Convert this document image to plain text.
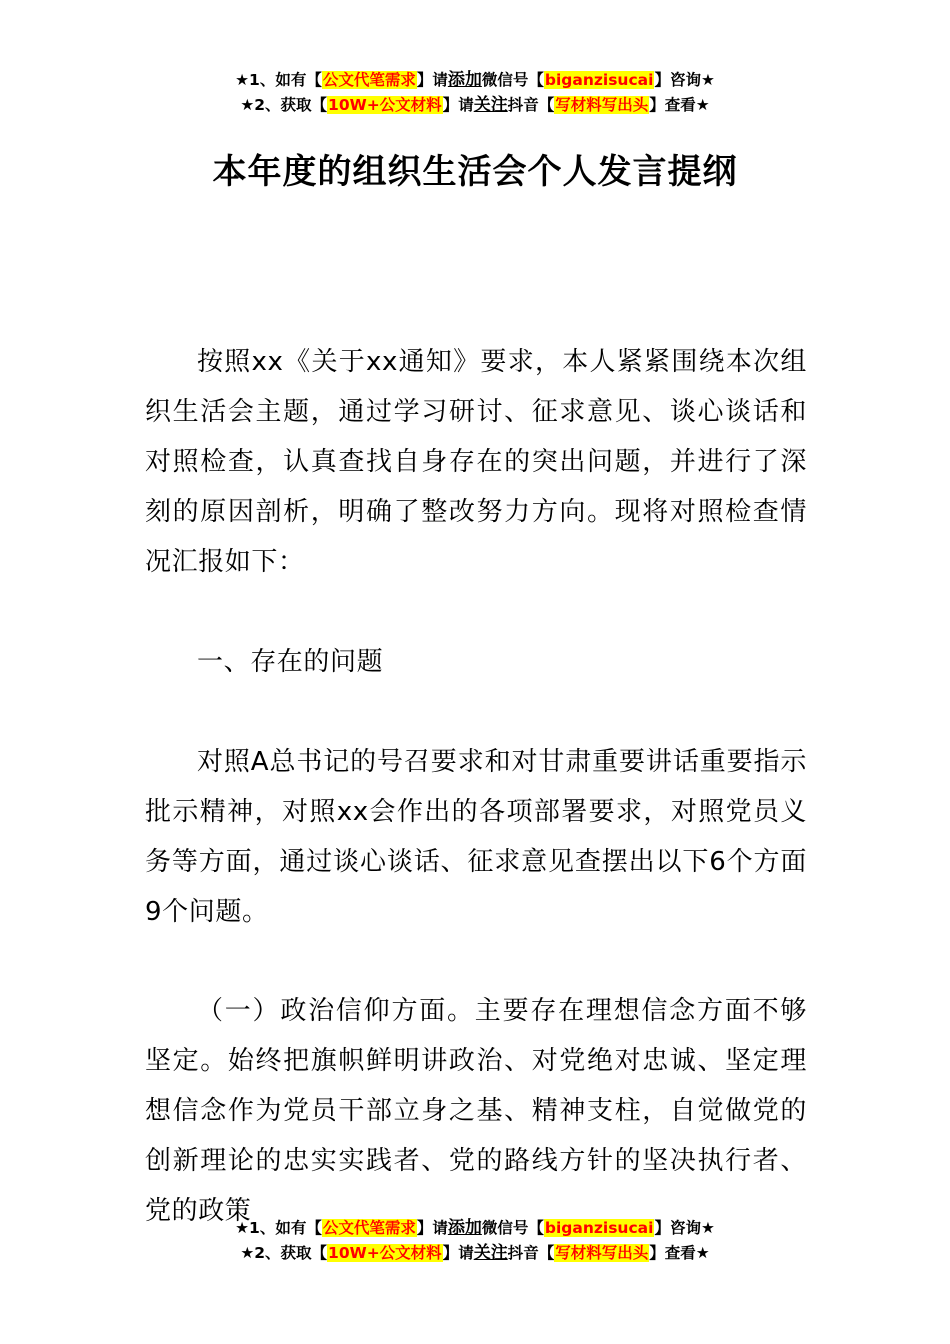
★1、如有【公文代笔需求】请添加微信号【biganzisucai】咨询★
★2、获取【10W+公文材料】请关注抖音【写材料写出头】查看★
本年度的组织生活会个人发言提纲

按照xx《关于xx通知》要求，本人紧紧围绕本次组织生活会主题，通过学习研讨、征求意见、谈心谈话和对照检查，认真查找自身存在的突出问题，并进行了深刻的原因剖析，明确了整改努力方向。现将对照检查情况汇报如下：

一、存在的问题

对照A总书记的号召要求和对甘肃重要讲话重要指示批示精神，对照xx会作出的各项部署要求，对照党员义务等方面，通过谈心谈话、征求意见查摆出以下6个方面9个问题。

（一）政治信仰方面。主要存在理想信念方面不够坚定。始终把旗帜鲜明讲政治、对党绝对忠诚、坚定理想信念作为党员干部立身之基、精神支柱，自觉做党的创新理论的忠实实践者、党的路线方针的坚决执行者、党的政策

★1、如有【公文代笔需求】请添加微信号【biganzisucai】咨询★
★2、获取【10W+公文材料】请关注抖音【写材料写出头】查看★
